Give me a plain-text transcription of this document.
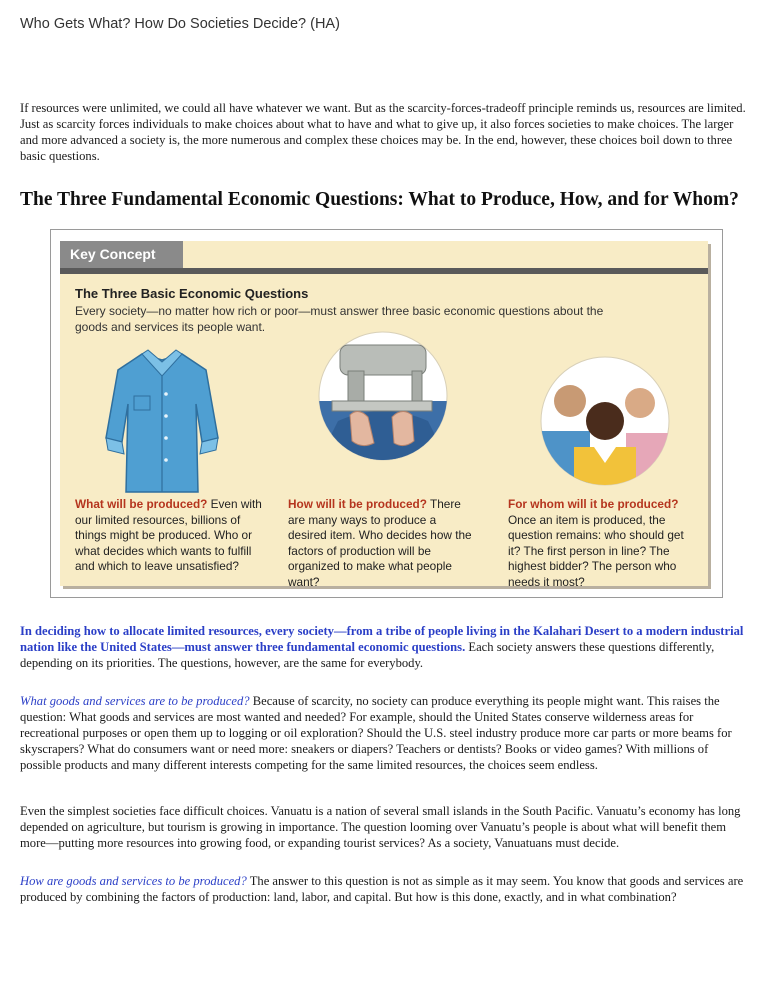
Who Gets What? How Do Societies Decide? (HA)

If resources were unlimited, we could all have whatever we want. But as the scarcity-forces-tradeoff principle reminds us, resources are limited. Just as scarcity forces individuals to make choices about what to have and what to give up, it also forces societies to make choices. The larger and more advanced a society is, the more numerous and complex these choices may be. In the end, however, these choices boil down to three basic questions.

The Three Fundamental Economic Questions: What to Produce, How, and for Whom?
Key Concept
The Three Basic Economic Questions
Every society—no matter how rich or poor—must answer three basic economic questions about the goods and services its people want.
What will be produced? Even with our limited resources, billions of things might be produced. Who or what decides which wants to fulfill and which to leave unsatisfied?
How will it be produced? There are many ways to produce a desired item. Who decides how the factors of production will be organized to make what people want?
For whom will it be produced? Once an item is produced, the question remains: who should get it? The first person in line? The highest bidder? The person who needs it most?

In deciding how to allocate limited resources, every society—from a tribe of people living in the Kalahari Desert to a modern industrial nation like the United States—must answer three fundamental economic questions. Each society answers these questions differently, depending on its priorities. The questions, however, are the same for everybody.

What goods and services are to be produced? Because of scarcity, no society can produce everything its people might want. This raises the question: What goods and services are most wanted and needed? For example, should the United States conserve wilderness areas for recreational purposes or open them up to logging or oil exploration? Should the U.S. steel industry produce more car parts or more beams for skyscrapers? What do consumers want or need more: sneakers or diapers? Teachers or dentists? Books or video games? With millions of possible products and many different interests competing for the same limited resources, the choices seem endless.

Even the simplest societies face difficult choices. Vanuatu is a nation of several small islands in the South Pacific. Vanuatu’s economy has long depended on agriculture, but tourism is growing in importance. The question looming over Vanuatu’s people is about what will benefit them more—putting more resources into growing food, or expanding tourist services? As a society, Vanuatuans must decide.

How are goods and services to be produced? The answer to this question is not as simple as it may seem. You know that goods and services are produced by combining the factors of production: land, labor, and capital. But how is this done, exactly, and in what combination?
